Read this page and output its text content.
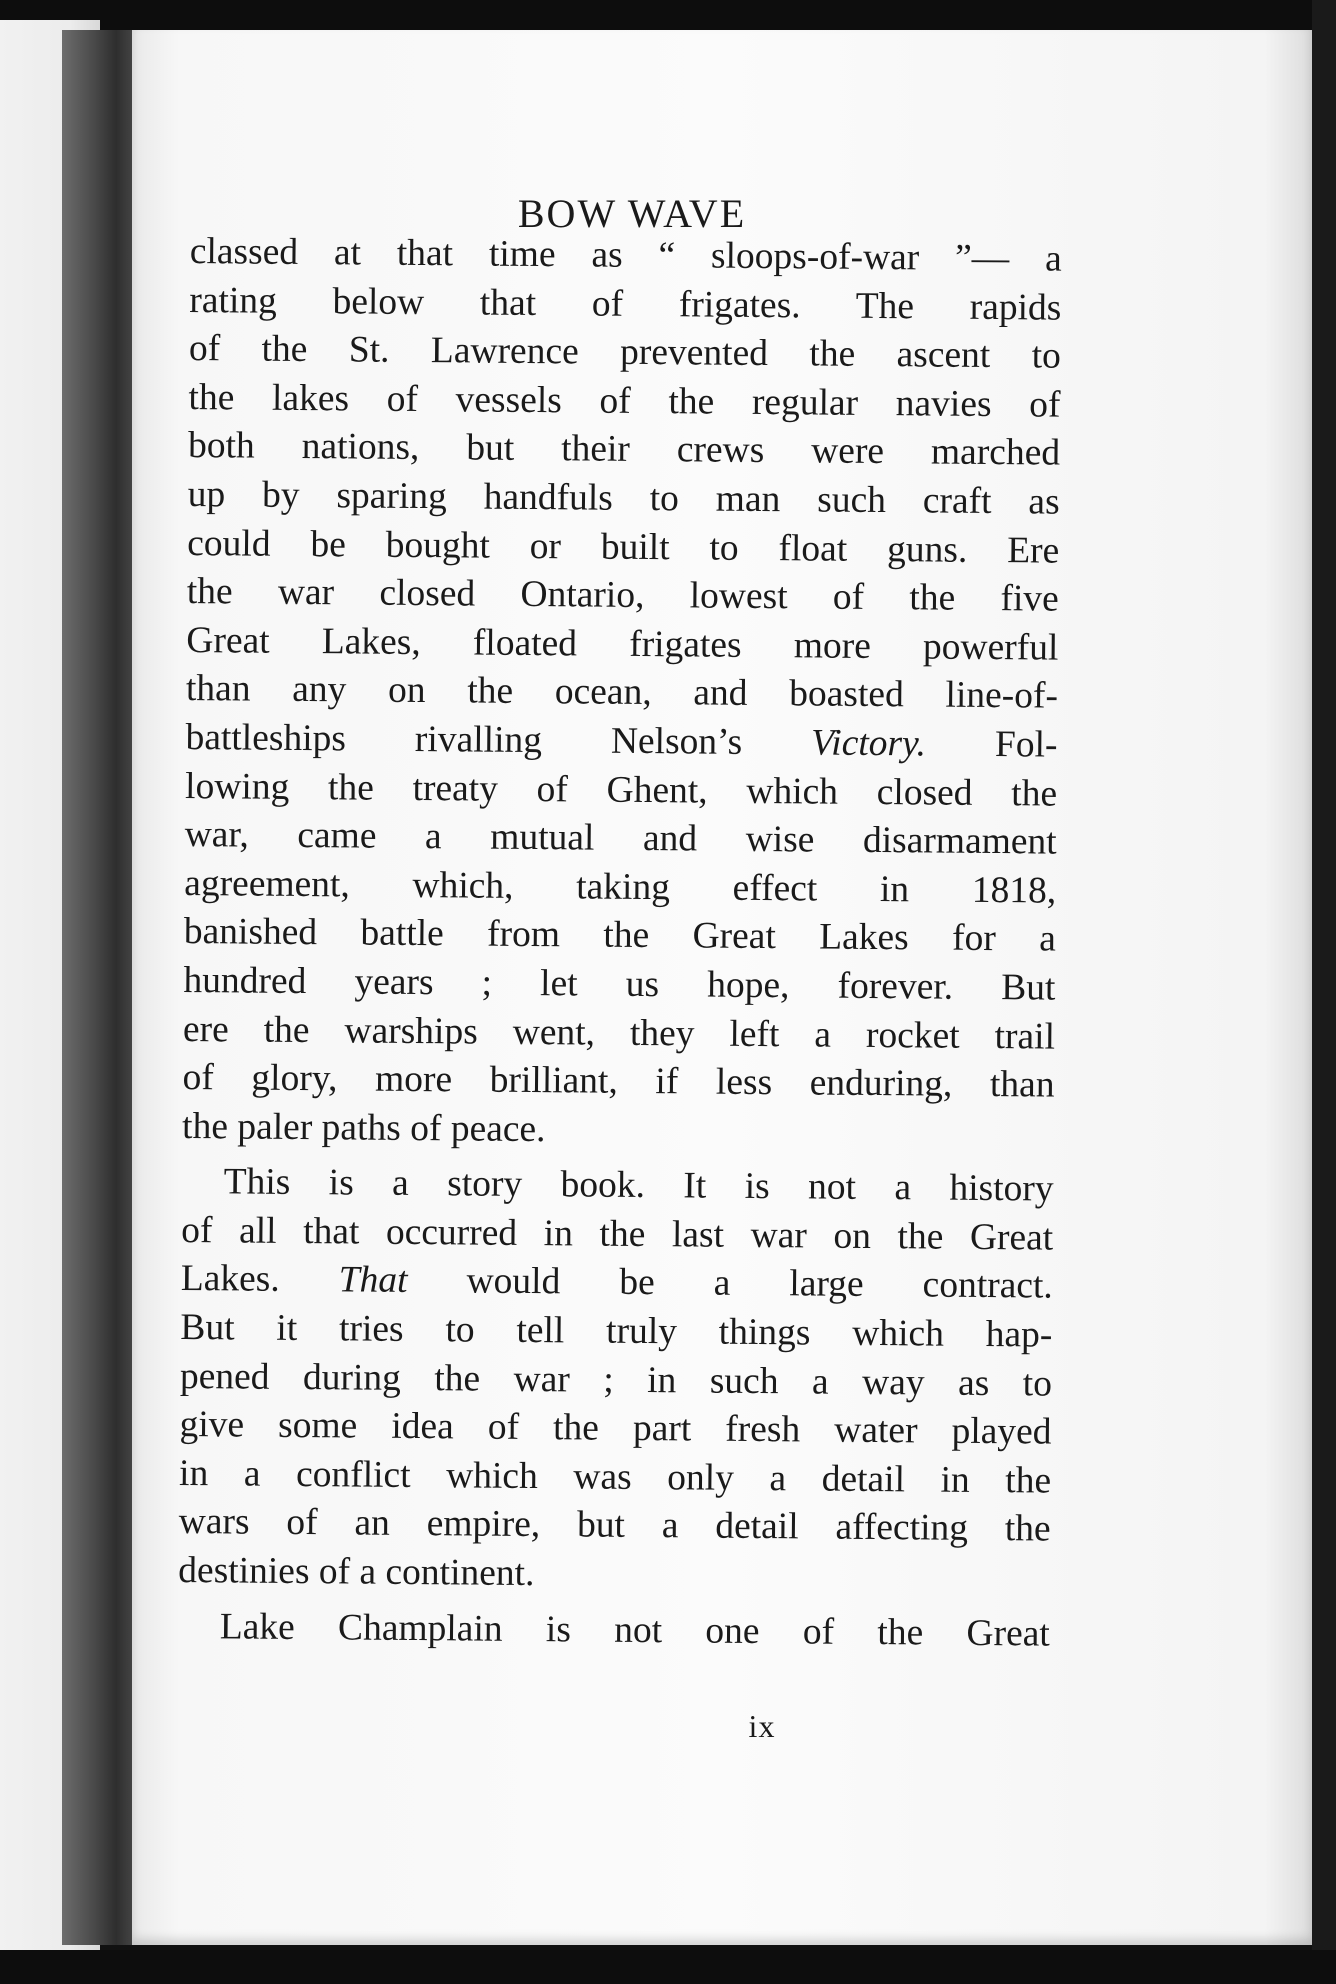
BOW WAVE
ix
classed at that time as “ sloops-of-war ”— a
rating below that of frigates. The rapids
of the St. Lawrence prevented the ascent to
the lakes of vessels of the regular navies of
both nations, but their crews were marched
up by sparing handfuls to man such craft as
could be bought or built to float guns. Ere
the war closed Ontario, lowest of the five
Great Lakes, floated frigates more powerful
than any on the ocean, and boasted line-of-
battleships rivalling Nelson’s Victory. Fol-
lowing the treaty of Ghent, which closed the
war, came a mutual and wise disarmament
agreement, which, taking effect in 1818,
banished battle from the Great Lakes for a
hundred years ; let us hope, forever. But
ere the warships went, they left a rocket trail
of glory, more brilliant, if less enduring, than
the paler paths of peace.
This is a story book. It is not a history
of all that occurred in the last war on the Great
Lakes. That would be a large contract.
But it tries to tell truly things which hap-
pened during the war ; in such a way as to
give some idea of the part fresh water played
in a conflict which was only a detail in the
wars of an empire, but a detail affecting the
destinies of a continent.
Lake Champlain is not one of the Great
